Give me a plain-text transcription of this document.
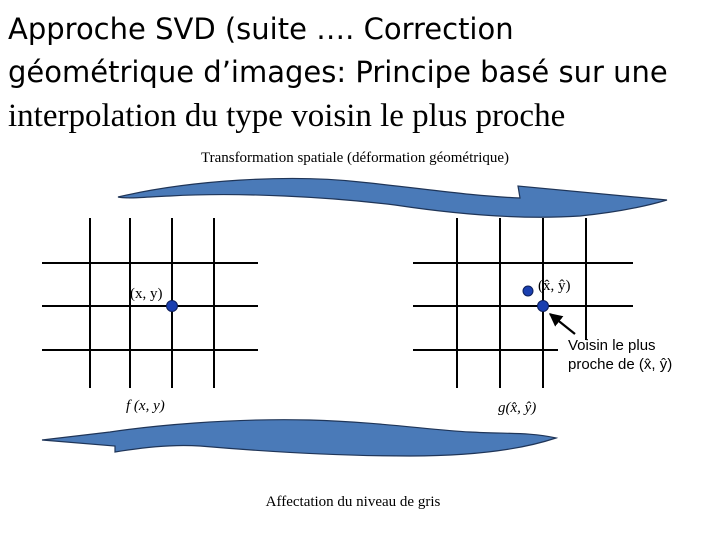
Approche SVD (suite …. Correction
géométrique d’images: Principe basé sur une
interpolation du type voisin le plus proche
Transformation spatiale (déformation géométrique)
(x, y)
f (x, y)
(x̂, ŷ)
g(x̂, ŷ)
Voisin le plus
proche de (x̂, ŷ)
Affectation du niveau de gris
